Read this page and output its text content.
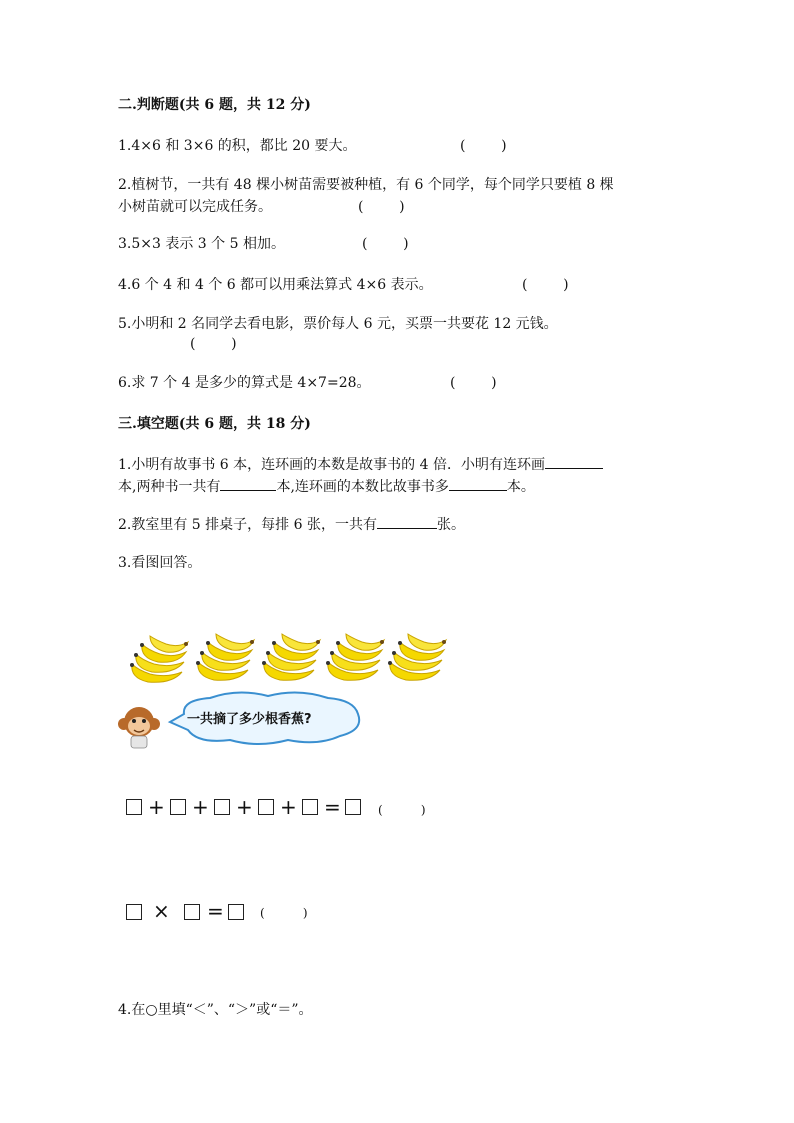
二.判断题(共 6 题，共 12 分)
1.4×6 和 3×6 的积，都比 20 要大。	(        )
2.植树节，一共有 48 棵小树苗需要被种植，有 6 个同学，每个同学只要植 8 棵
小树苗就可以完成任务。	(        )
3.5×3 表示 3 个 5 相加。	(        )
4.6 个 4 和 4 个 6 都可以用乘法算式 4×6 表示。	(        )
5.小明和 2 名同学去看电影，票价每人 6 元，买票一共要花 12 元钱。
(        )
6.求 7 个 4 是多少的算式是 4×7=28。	(        )
三.填空题(共 6 题，共 18 分)
1.小明有故事书 6 本，连环画的本数是故事书的 4 倍．小明有连环画
本,两种书一共有	本,连环画的本数比故事书多	本。
2.教室里有 5 排桌子，每排 6 张，一共有	张。
3.看图回答。
一共摘了多少根香蕉?
+ + + + =	(          )
× =	(          )
4.在○里填“＜”、“＞”或“＝”。
